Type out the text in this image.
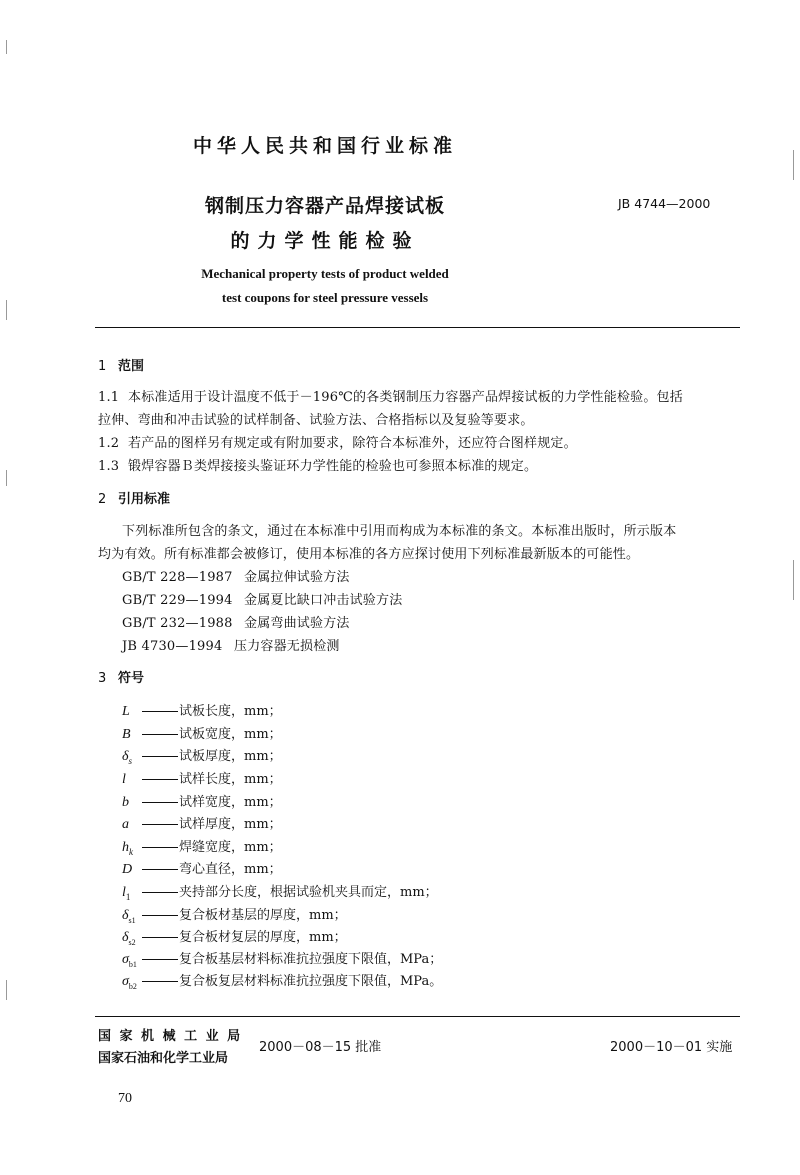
中华人民共和国行业标准
钢制压力容器产品焊接试板
的力学性能检验
JB 4744—2000
Mechanical property tests of product welded
test coupons for steel pressure vessels
1 范围
1.1 本标准适用于设计温度不低于－196℃的各类钢制压力容器产品焊接试板的力学性能检验。包括
拉伸、弯曲和冲击试验的试样制备、试验方法、合格指标以及复验等要求。
1.2 若产品的图样另有规定或有附加要求，除符合本标准外，还应符合图样规定。
1.3 锻焊容器Ｂ类焊接接头鉴证环力学性能的检验也可参照本标准的规定。
2 引用标准
下列标准所包含的条文，通过在本标准中引用而构成为本标准的条文。本标准出版时，所示版本
均为有效。所有标准都会被修订，使用本标准的各方应探讨使用下列标准最新版本的可能性。
GB/T 228—1987 金属拉伸试验方法
GB/T 229—1994 金属夏比缺口冲击试验方法
GB/T 232—1988 金属弯曲试验方法
JB 4730—1994 压力容器无损检测
3 符号
L	试板长度，mm；
B	试板宽度，mm；
$\delta_s$	试板厚度，mm；
l	试样长度，mm；
b	试样宽度，mm；
a	试样厚度，mm；
$h_k$	焊缝宽度，mm；
D	弯心直径，mm；
$l_1$	夹持部分长度，根据试验机夹具而定，mm；
$\delta_{s1}$	复合板材基层的厚度，mm；
$\delta_{s2}$	复合板材复层的厚度，mm；
$\sigma_{b1}$	复合板基层材料标准抗拉强度下限值，MPa；
$\sigma_{b2}$	复合板复层材料标准抗拉强度下限值，MPa。
国 家 机 械 工 业 局
国家石油和化学工业局
2000－08－15 批准	2000－10－01 实施
70
